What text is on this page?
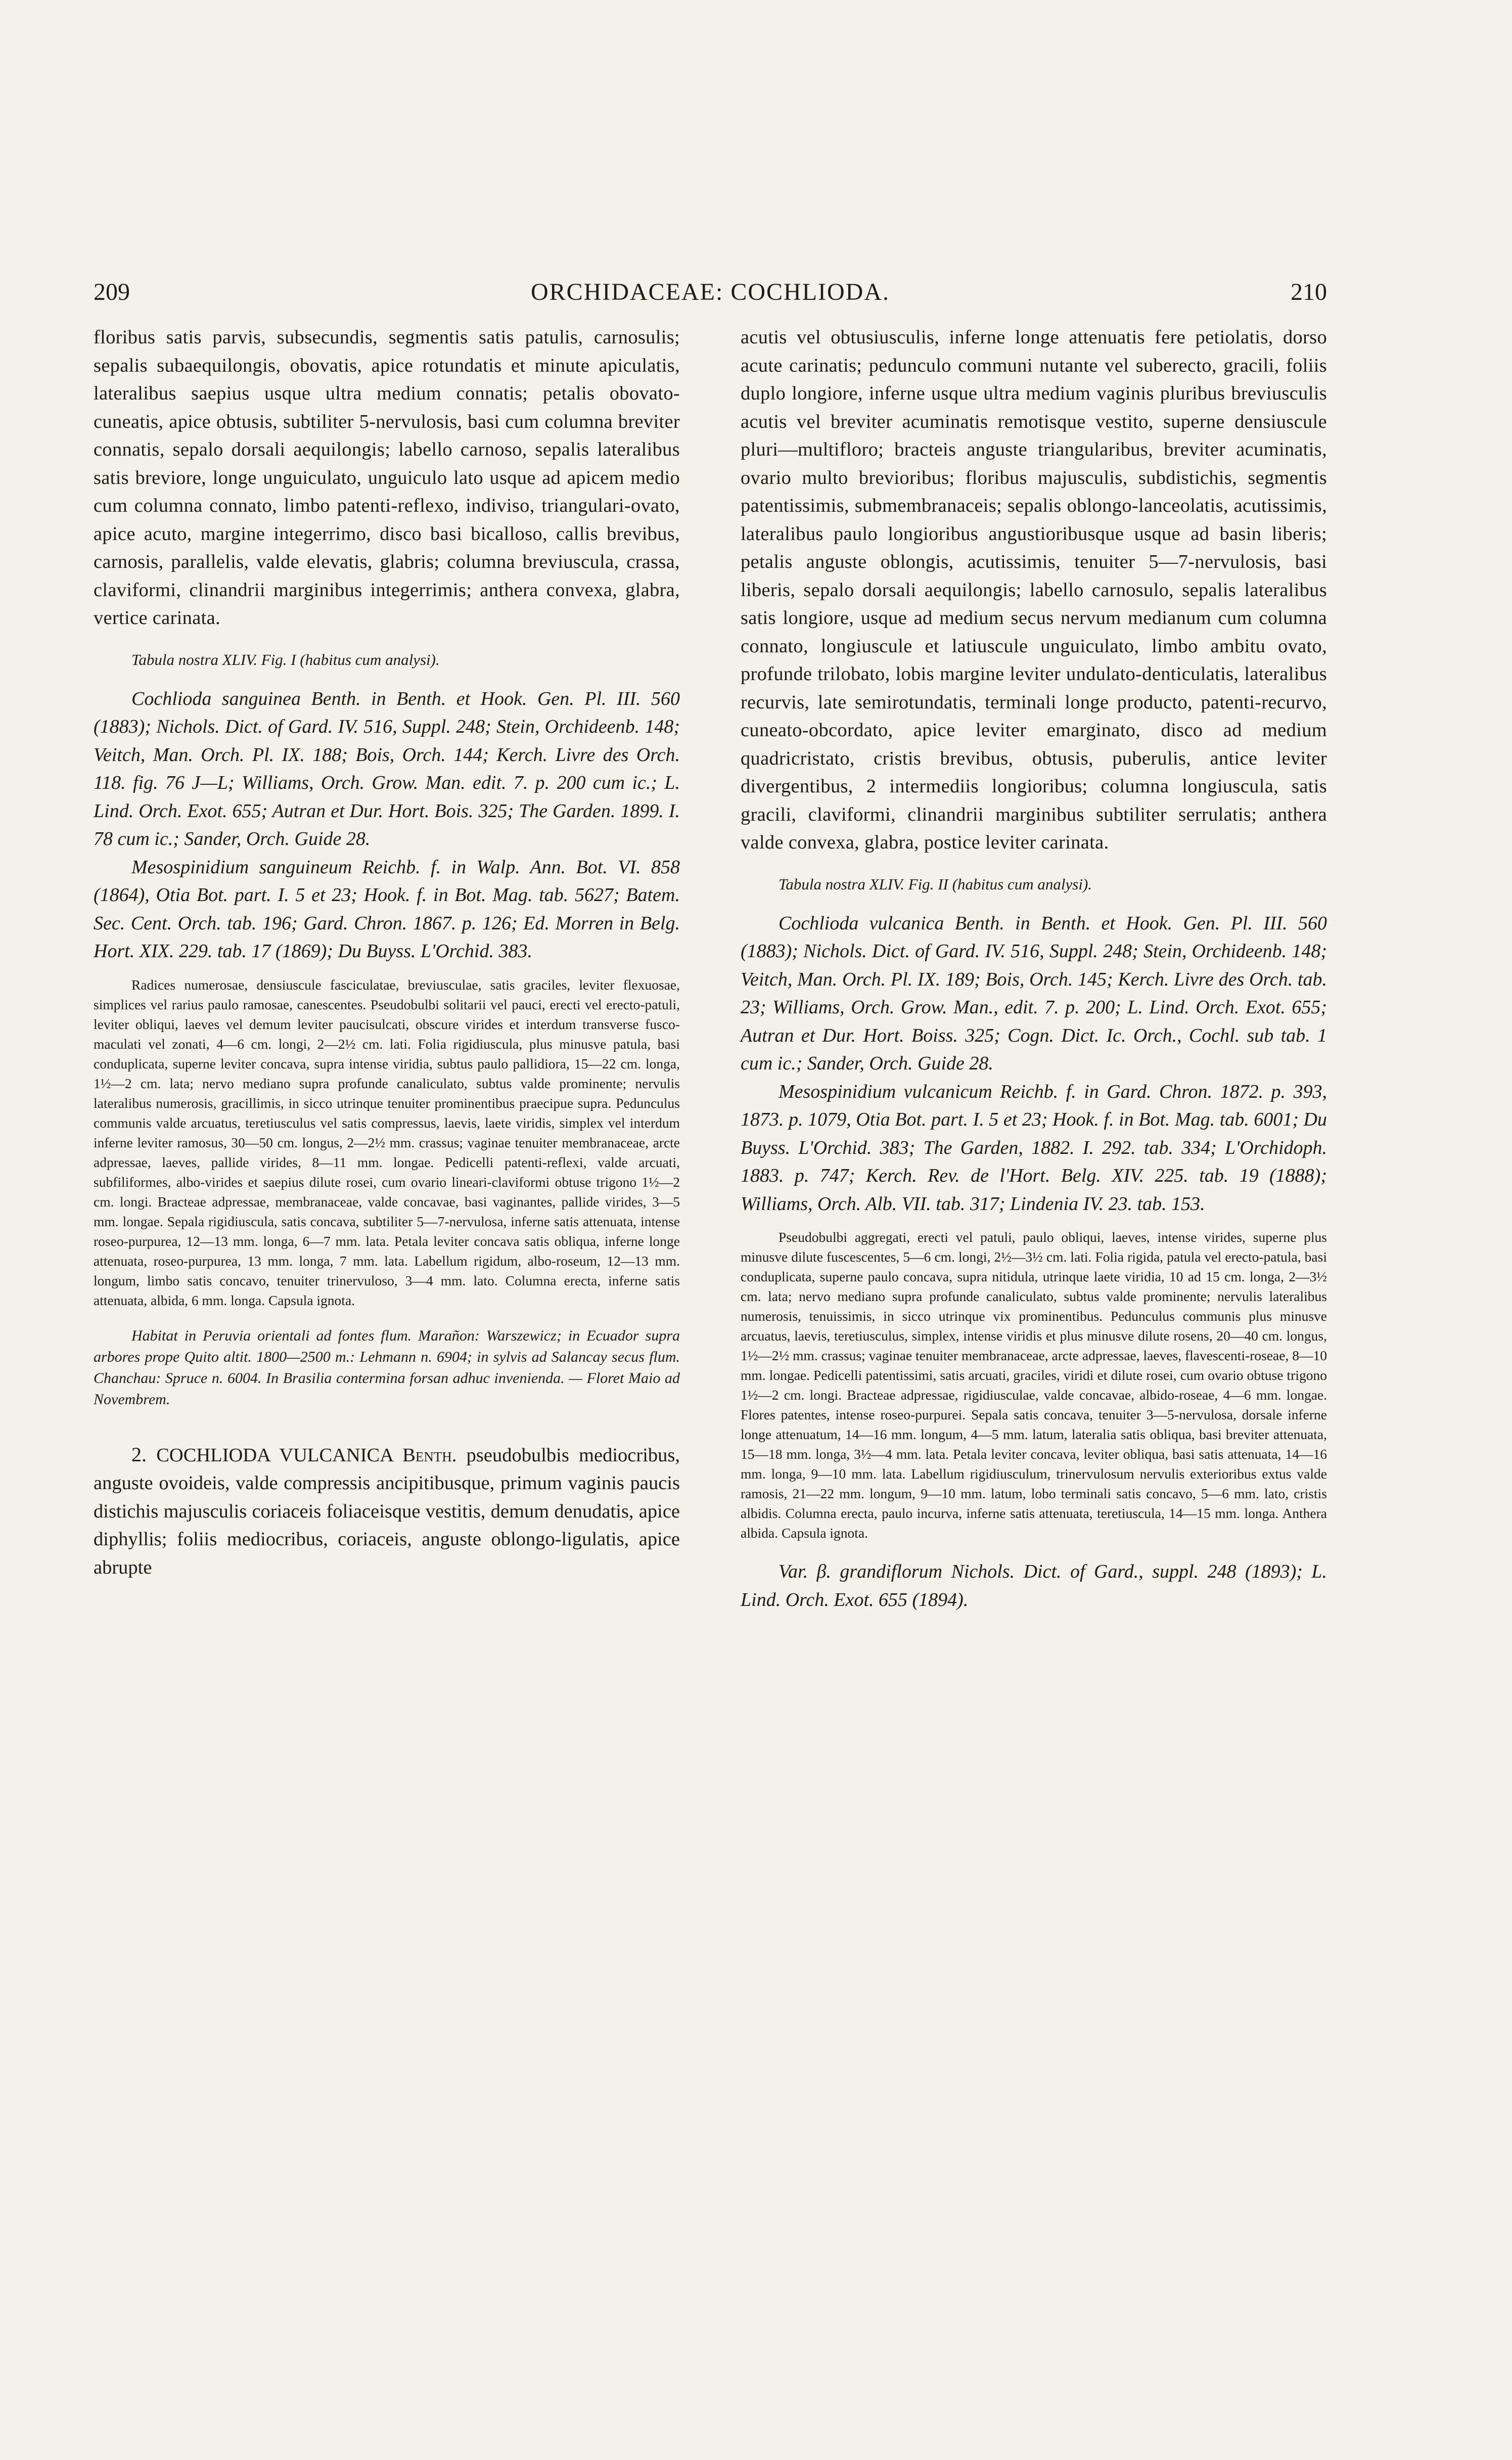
209	ORCHIDACEAE: COCHLIODA.	210

floribus satis parvis, subsecundis, segmentis satis patulis, carnosulis; sepalis subaequilongis, obovatis, apice rotundatis et minute apiculatis, lateralibus saepius usque ultra medium connatis; petalis obovato-cuneatis, apice obtusis, subtiliter 5-nervulosis, basi cum columna breviter connatis, sepalo dorsali aequilongis; labello carnoso, sepalis lateralibus satis breviore, longe unguiculato, unguiculo lato usque ad apicem medio cum columna connato, limbo patenti-reflexo, indiviso, triangulari-ovato, apice acuto, margine integerrimo, disco basi bicalloso, callis brevibus, carnosis, parallelis, valde elevatis, glabris; columna breviuscula, crassa, claviformi, clinandrii marginibus integerrimis; anthera convexa, glabra, vertice carinata.

Tabula nostra XLIV. Fig. I (habitus cum analysi).

Cochlioda sanguinea Benth. in Benth. et Hook. Gen. Pl. III. 560 (1883); Nichols. Dict. of Gard. IV. 516, Suppl. 248; Stein, Orchideenb. 148; Veitch, Man. Orch. Pl. IX. 188; Bois, Orch. 144; Kerch. Livre des Orch. 118. fig. 76 J—L; Williams, Orch. Grow. Man. edit. 7. p. 200 cum ic.; L. Lind. Orch. Exot. 655; Autran et Dur. Hort. Bois. 325; The Garden. 1899. I. 78 cum ic.; Sander, Orch. Guide 28.

Mesospinidium sanguineum Reichb. f. in Walp. Ann. Bot. VI. 858 (1864), Otia Bot. part. I. 5 et 23; Hook. f. in Bot. Mag. tab. 5627; Batem. Sec. Cent. Orch. tab. 196; Gard. Chron. 1867. p. 126; Ed. Morren in Belg. Hort. XIX. 229. tab. 17 (1869); Du Buyss. L'Orchid. 383.

Radices numerosae, densiuscule fasciculatae, breviusculae, satis graciles, leviter flexuosae, simplices vel rarius paulo ramosae, canescentes. Pseudobulbi solitarii vel pauci, erecti vel erecto-patuli, leviter obliqui, laeves vel demum leviter paucisulcati, obscure virides et interdum transverse fusco-maculati vel zonati, 4—6 cm. longi, 2—2½ cm. lati. Folia rigidiuscula, plus minusve patula, basi conduplicata, superne leviter concava, supra intense viridia, subtus paulo pallidiora, 15—22 cm. longa, 1½—2 cm. lata; nervo mediano supra profunde canaliculato, subtus valde prominente; nervulis lateralibus numerosis, gracillimis, in sicco utrinque tenuiter prominentibus praecipue supra. Pedunculus communis valde arcuatus, teretiusculus vel satis compressus, laevis, laete viridis, simplex vel interdum inferne leviter ramosus, 30—50 cm. longus, 2—2½ mm. crassus; vaginae tenuiter membranaceae, arcte adpressae, laeves, pallide virides, 8—11 mm. longae. Pedicelli patenti-reflexi, valde arcuati, subfiliformes, albo-virides et saepius dilute rosei, cum ovario lineari-claviformi obtuse trigono 1½—2 cm. longi. Bracteae adpressae, membranaceae, valde concavae, basi vaginantes, pallide virides, 3—5 mm. longae. Sepala rigidiuscula, satis concava, subtiliter 5—7-nervulosa, inferne satis attenuata, intense roseo-purpurea, 12—13 mm. longa, 6—7 mm. lata. Petala leviter concava satis obliqua, inferne longe attenuata, roseo-purpurea, 13 mm. longa, 7 mm. lata. Labellum rigidum, albo-roseum, 12—13 mm. longum, limbo satis concavo, tenuiter trinervuloso, 3—4 mm. lato. Columna erecta, inferne satis attenuata, albida, 6 mm. longa. Capsula ignota.

Habitat in Peruvia orientali ad fontes flum. Marañon: Warszewicz; in Ecuador supra arbores prope Quito altit. 1800—2500 m.: Lehmann n. 6904; in sylvis ad Salancay secus flum. Chanchau: Spruce n. 6004. In Brasilia contermina forsan adhuc invenienda. — Floret Maio ad Novembrem.

2. COCHLIODA VULCANICA Benth. pseudobulbis mediocribus, anguste ovoideis, valde compressis ancipitibusque, primum vaginis paucis distichis majusculis coriaceis foliaceisque vestitis, demum denudatis, apice diphyllis; foliis mediocribus, coriaceis, anguste oblongo-ligulatis, apice abrupte

acutis vel obtusiusculis, inferne longe attenuatis fere petiolatis, dorso acute carinatis; pedunculo communi nutante vel suberecto, gracili, foliis duplo longiore, inferne usque ultra medium vaginis pluribus breviusculis acutis vel breviter acuminatis remotisque vestito, superne densiuscule pluri—multifloro; bracteis anguste triangularibus, breviter acuminatis, ovario multo brevioribus; floribus majusculis, subdistichis, segmentis patentissimis, submembranaceis; sepalis oblongo-lanceolatis, acutissimis, lateralibus paulo longioribus angustioribusque usque ad basin liberis; petalis anguste oblongis, acutissimis, tenuiter 5—7-nervulosis, basi liberis, sepalo dorsali aequilongis; labello carnosulo, sepalis lateralibus satis longiore, usque ad medium secus nervum medianum cum columna connato, longiuscule et latiuscule unguiculato, limbo ambitu ovato, profunde trilobato, lobis margine leviter undulato-denticulatis, lateralibus recurvis, late semirotundatis, terminali longe producto, patenti-recurvo, cuneato-obcordato, apice leviter emarginato, disco ad medium quadricristato, cristis brevibus, obtusis, puberulis, antice leviter divergentibus, 2 intermediis longioribus; columna longiuscula, satis gracili, claviformi, clinandrii marginibus subtiliter serrulatis; anthera valde convexa, glabra, postice leviter carinata.

Tabula nostra XLIV. Fig. II (habitus cum analysi).

Cochlioda vulcanica Benth. in Benth. et Hook. Gen. Pl. III. 560 (1883); Nichols. Dict. of Gard. IV. 516, Suppl. 248; Stein, Orchideenb. 148; Veitch, Man. Orch. Pl. IX. 189; Bois, Orch. 145; Kerch. Livre des Orch. tab. 23; Williams, Orch. Grow. Man., edit. 7. p. 200; L. Lind. Orch. Exot. 655; Autran et Dur. Hort. Boiss. 325; Cogn. Dict. Ic. Orch., Cochl. sub tab. 1 cum ic.; Sander, Orch. Guide 28.

Mesospinidium vulcanicum Reichb. f. in Gard. Chron. 1872. p. 393, 1873. p. 1079, Otia Bot. part. I. 5 et 23; Hook. f. in Bot. Mag. tab. 6001; Du Buyss. L'Orchid. 383; The Garden, 1882. I. 292. tab. 334; L'Orchidoph. 1883. p. 747; Kerch. Rev. de l'Hort. Belg. XIV. 225. tab. 19 (1888); Williams, Orch. Alb. VII. tab. 317; Lindenia IV. 23. tab. 153.

Pseudobulbi aggregati, erecti vel patuli, paulo obliqui, laeves, intense virides, superne plus minusve dilute fuscescentes, 5—6 cm. longi, 2½—3½ cm. lati. Folia rigida, patula vel erecto-patula, basi conduplicata, superne paulo concava, supra nitidula, utrinque laete viridia, 10 ad 15 cm. longa, 2—3½ cm. lata; nervo mediano supra profunde canaliculato, subtus valde prominente; nervulis lateralibus numerosis, tenuissimis, in sicco utrinque vix prominentibus. Pedunculus communis plus minusve arcuatus, laevis, teretiusculus, simplex, intense viridis et plus minusve dilute rosens, 20—40 cm. longus, 1½—2½ mm. crassus; vaginae tenuiter membranaceae, arcte adpressae, laeves, flavescenti-roseae, 8—10 mm. longae. Pedicelli patentissimi, satis arcuati, graciles, viridi et dilute rosei, cum ovario obtuse trigono 1½—2 cm. longi. Bracteae adpressae, rigidiusculae, valde concavae, albido-roseae, 4—6 mm. longae. Flores patentes, intense roseo-purpurei. Sepala satis concava, tenuiter 3—5-nervulosa, dorsale inferne longe attenuatum, 14—16 mm. longum, 4—5 mm. latum, lateralia satis obliqua, basi breviter attenuata, 15—18 mm. longa, 3½—4 mm. lata. Petala leviter concava, leviter obliqua, basi satis attenuata, 14—16 mm. longa, 9—10 mm. lata. Labellum rigidiusculum, trinervulosum nervulis exterioribus extus valde ramosis, 21—22 mm. longum, 9—10 mm. latum, lobo terminali satis concavo, 5—6 mm. lato, cristis albidis. Columna erecta, paulo incurva, inferne satis attenuata, teretiuscula, 14—15 mm. longa. Anthera albida. Capsula ignota.

Var. β. grandiflorum Nichols. Dict. of Gard., suppl. 248 (1893); L. Lind. Orch. Exot. 655 (1894).
